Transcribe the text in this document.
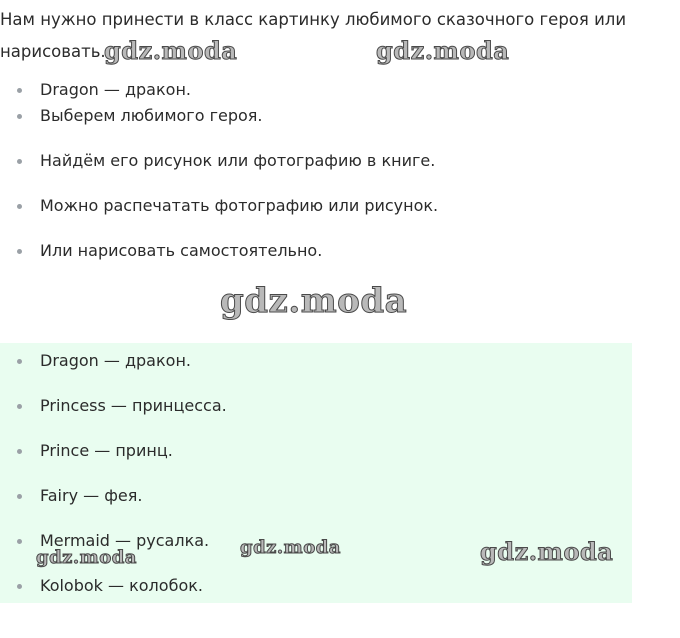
Нам нужно принести в класс картинку любимого сказочного героя или нарисовать.

Dragon — дракон.
Выберем любимого героя.
Найдём его рисунок или фотографию в книге.
Можно распечатать фотографию или рисунок.
Или нарисовать самостоятельно.
Dragon — дракон.
Princess — принцесса.
Prince — принц.
Fairy — фея.
Mermaid — русалка.
Kolobok — колобок.
gdz.moda	gdz.moda
gdz.moda
gdz.moda	gdz.moda	gdz.moda
